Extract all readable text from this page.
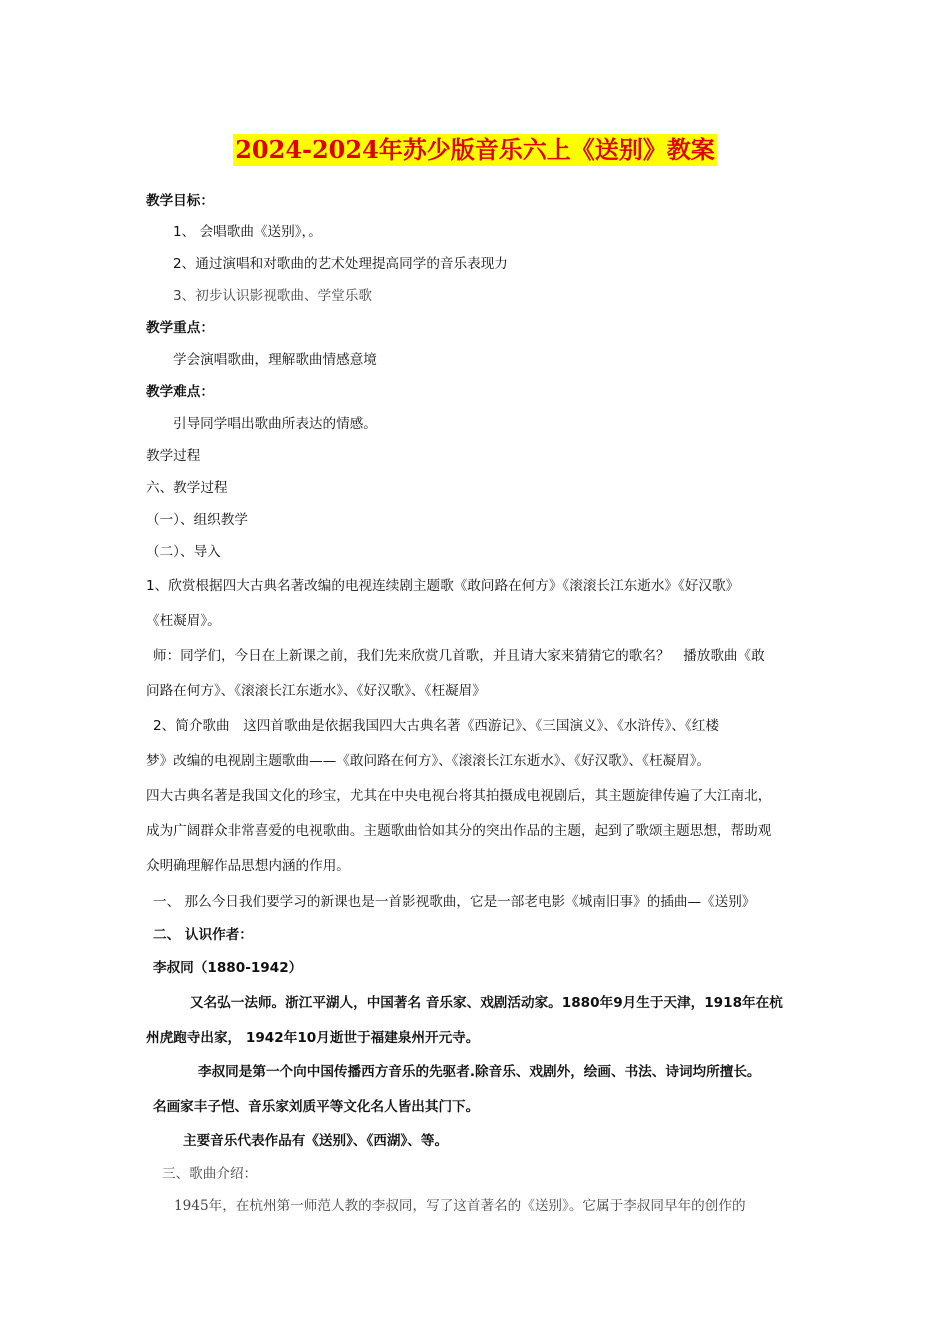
2024-2024年苏少版音乐六上《送别》教案
教学目标：
1、 会唱歌曲《送别》，。
2、通过演唱和对歌曲的艺术处理提高同学的音乐表现力
3、初步认识影视歌曲、学堂乐歌
教学重点：
学会演唱歌曲，理解歌曲情感意境
教学难点：
引导同学唱出歌曲所表达的情感。
教学过程
六、教学过程
（一）、组织教学
（二）、导入
1、欣赏根据四大古典名著改编的电视连续剧主题歌《敢问路在何方》《滚滚长江东逝水》《好汉歌》
《枉凝眉》。
师：同学们，今日在上新课之前，我们先来欣赏几首歌，并且请大家来猜猜它的歌名？　播放歌曲《敢
问路在何方》、《滚滚长江东逝水》、《好汉歌》、《枉凝眉》
2、简介歌曲　这四首歌曲是依据我国四大古典名著《西游记》、《三国演义》、《水浒传》、《红楼
梦》改编的电视剧主题歌曲——《敢问路在何方》、《滚滚长江东逝水》、《好汉歌》、《枉凝眉》。
四大古典名著是我国文化的珍宝，尤其在中央电视台将其拍摄成电视剧后，其主题旋律传遍了大江南北，
成为广阔群众非常喜爱的电视歌曲。主题歌曲恰如其分的突出作品的主题，起到了歌颂主题思想，帮助观
众明确理解作品思想内涵的作用。
一、 那么今日我们要学习的新课也是一首影视歌曲，它是一部老电影《城南旧事》的插曲—《送别》
二、 认识作者：
李叔同（1880-1942）
又名弘一法师。浙江平湖人，中国著名 音乐家、戏剧活动家。1880年9月生于天津，1918年在杭
州虎跑寺出家， 1942年10月逝世于福建泉州开元寺。
李叔同是第一个向中国传播西方音乐的先驱者.除音乐、戏剧外，绘画、书法、诗词均所擅长。
名画家丰子恺、音乐家刘质平等文化名人皆出其门下。
主要音乐代表作品有《送别》、《西湖》、等。
三、歌曲介绍：
1945年，在杭州第一师范人教的李叔同，写了这首著名的《送别》。它属于李叔同早年的创作的
